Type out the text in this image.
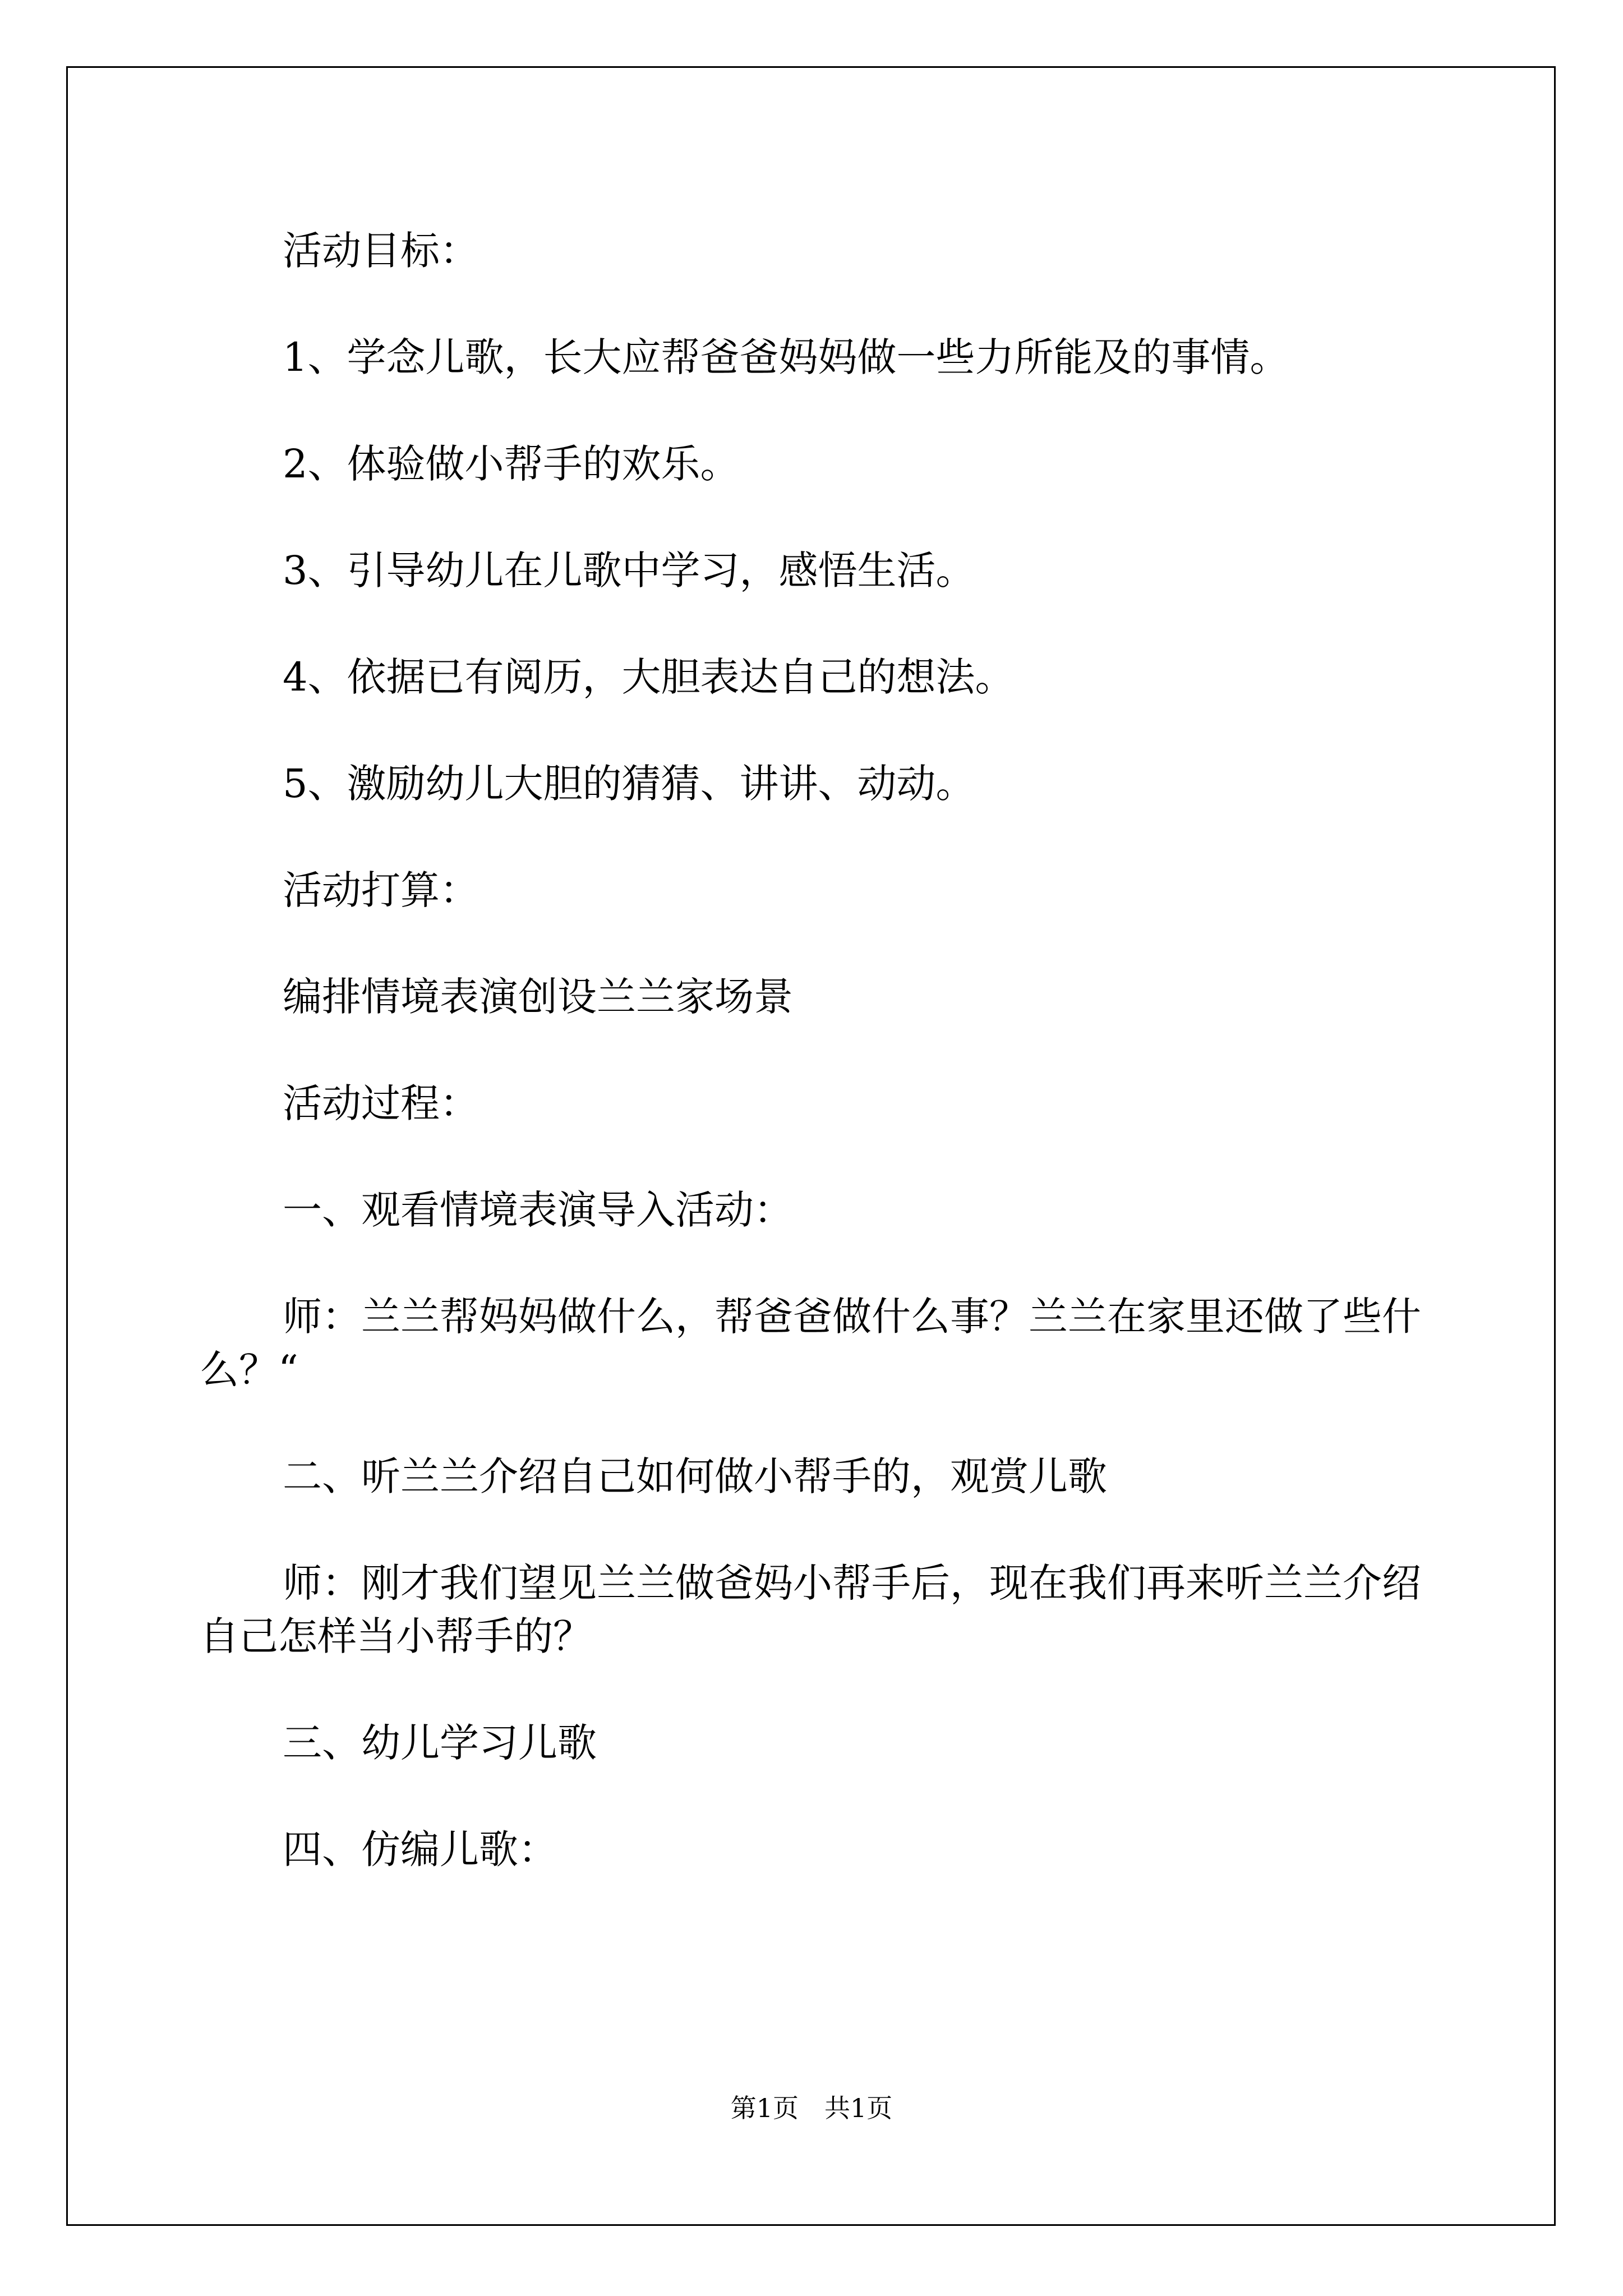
活动目标：

1、学念儿歌，长大应帮爸爸妈妈做一些力所能及的事情。

2、体验做小帮手的欢乐。

3、引导幼儿在儿歌中学习，感悟生活。

4、依据已有阅历，大胆表达自己的想法。

5、激励幼儿大胆的猜猜、讲讲、动动。

活动打算：

编排情境表演创设兰兰家场景

活动过程：

一、观看情境表演导入活动：

师：兰兰帮妈妈做什么，帮爸爸做什么事？兰兰在家里还做了些什么？“

二、听兰兰介绍自己如何做小帮手的，观赏儿歌

师：刚才我们望见兰兰做爸妈小帮手后，现在我们再来听兰兰介绍自己怎样当小帮手的？

三、幼儿学习儿歌

四、仿编儿歌：

第1页　共1页
